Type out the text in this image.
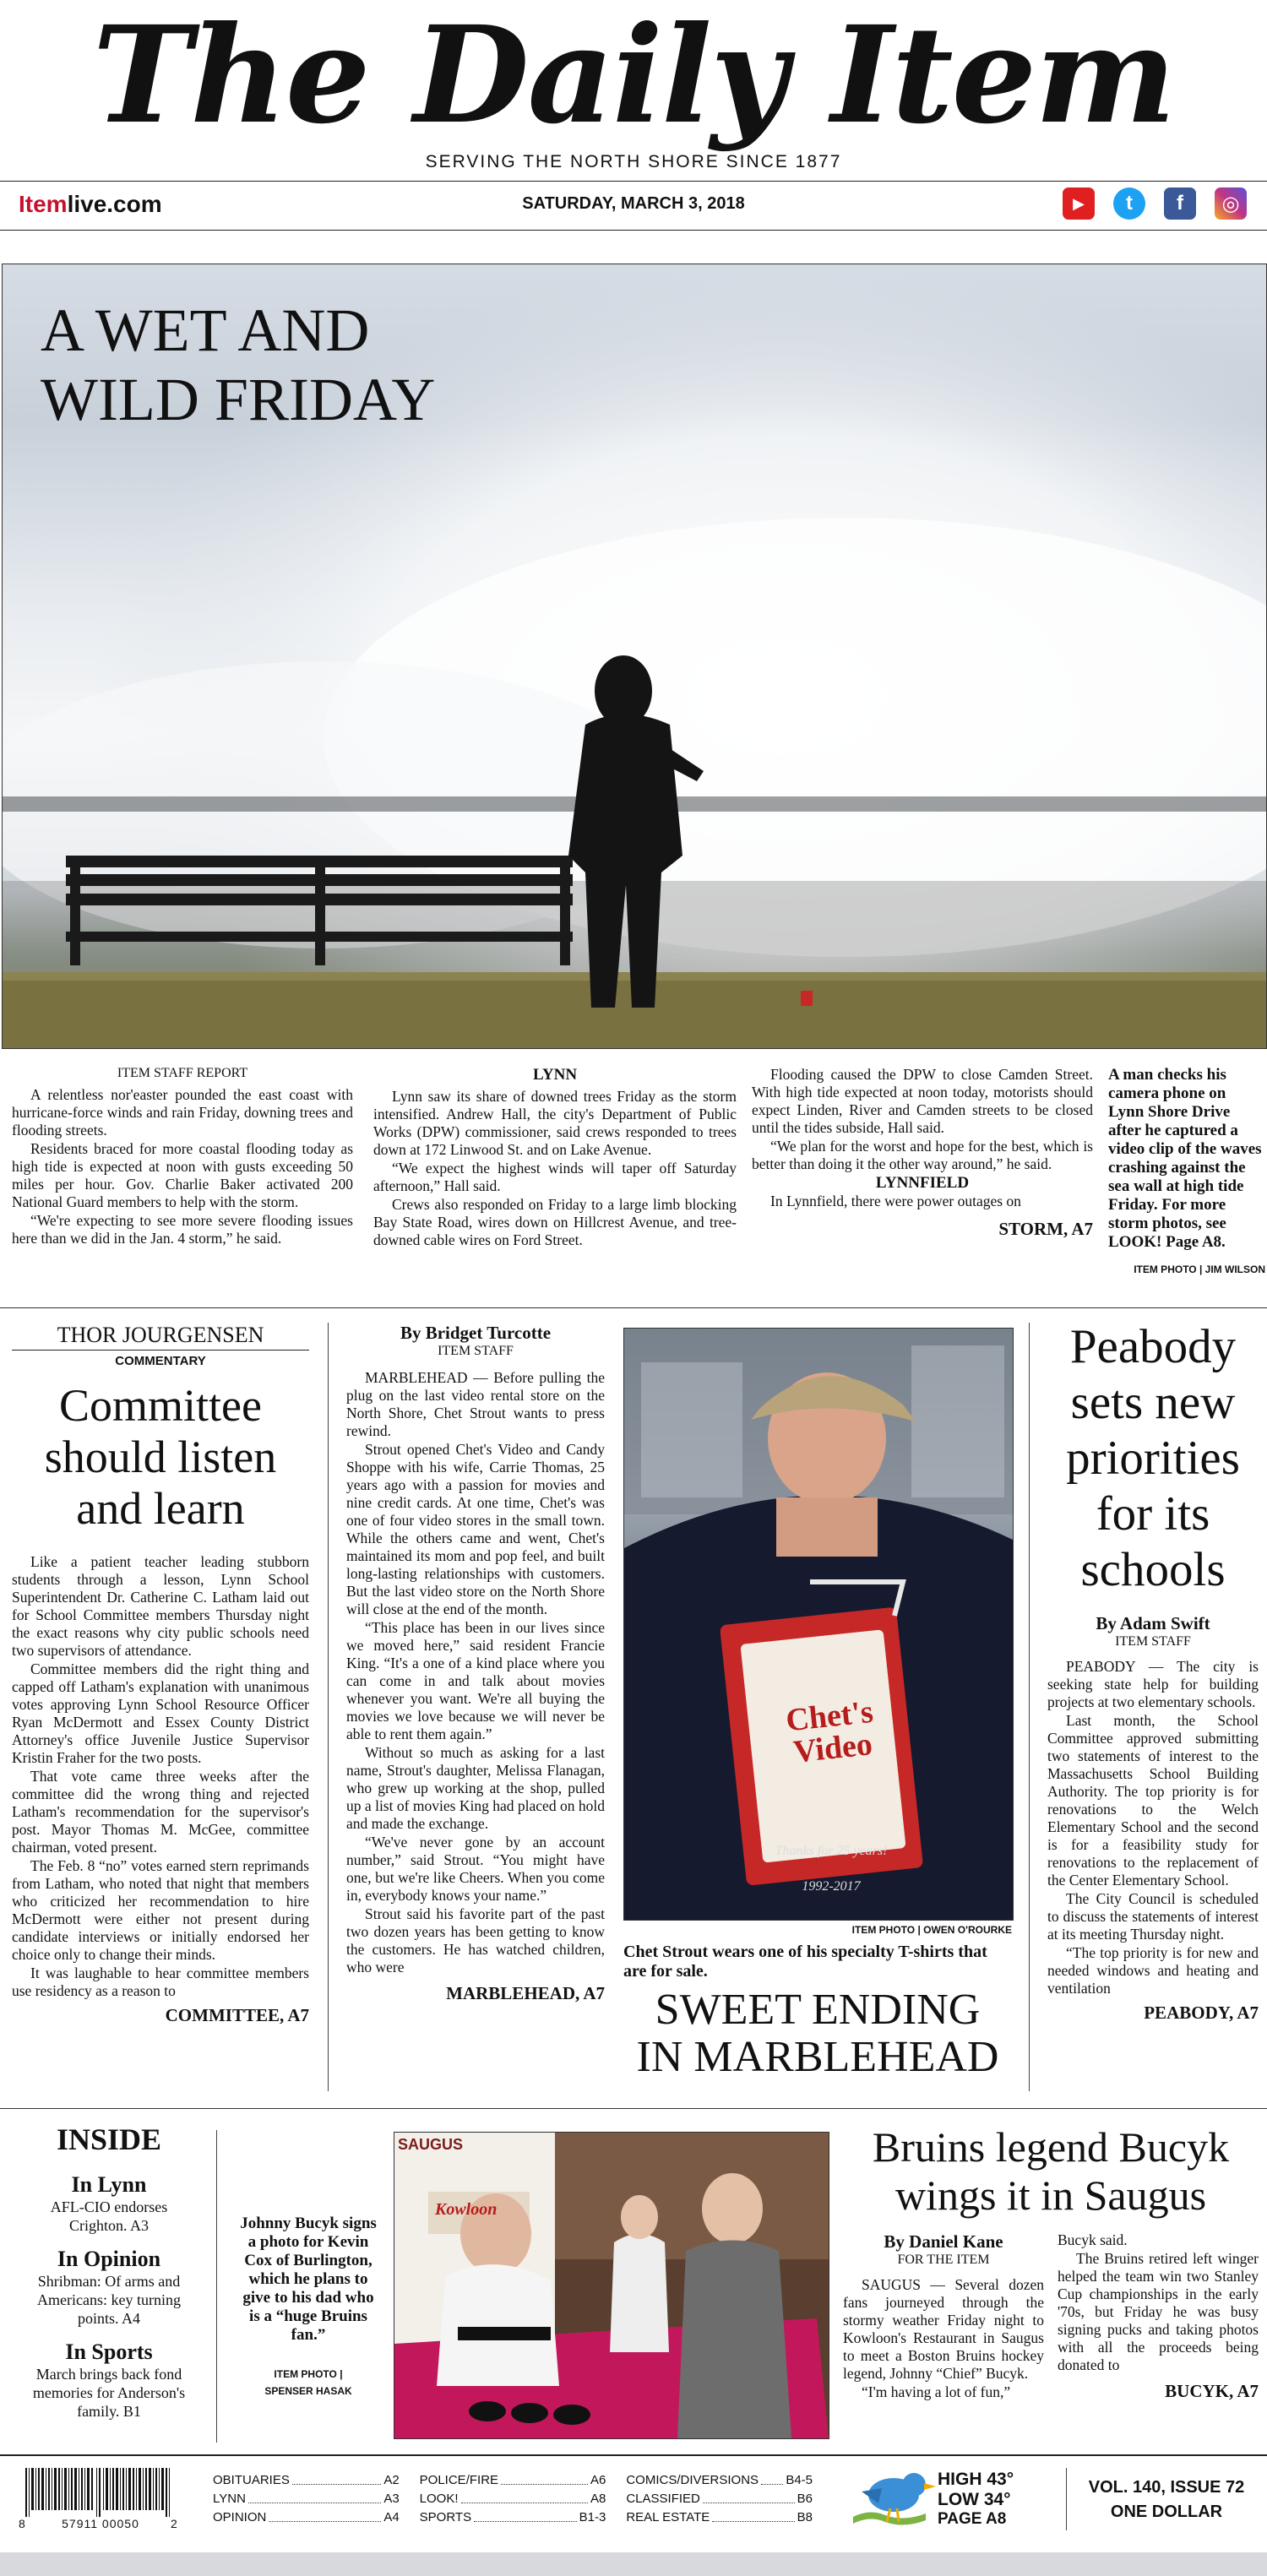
The Daily Item
SERVING THE NORTH SHORE SINCE 1877
Itemlive.com	SATURDAY, MARCH 3, 2018	▶	t	f	◎
A WET AND
WILD FRIDAY
ITEM STAFF REPORT

A relentless nor'easter pounded the east coast with hurricane-force winds and rain Friday, downing trees and flooding streets.

Residents braced for more coastal flooding today as high tide is expected at noon with gusts exceeding 50 miles per hour. Gov. Charlie Baker activated 200 National Guard members to help with the storm.

“We're expecting to see more severe flooding issues here than we did in the Jan. 4 storm,” he said.

LYNN

Lynn saw its share of downed trees Friday as the storm intensified. Andrew Hall, the city's Department of Public Works (DPW) commissioner, said crews responded to trees down at 172 Linwood St. and on Lake Avenue.

“We expect the highest winds will taper off Saturday afternoon,” Hall said.

Crews also responded on Friday to a large limb blocking Bay State Road, wires down on Hillcrest Avenue, and tree-downed cable wires on Ford Street.

Flooding caused the DPW to close Camden Street. With high tide expected at noon today, motorists should expect Linden, River and Camden streets to be closed until the tides subside, Hall said.

“We plan for the worst and hope for the best, which is better than doing it the other way around,” he said.

LYNNFIELD

In Lynnfield, there were power outages on

STORM, A7
A man checks his camera phone on Lynn Shore Drive after he captured a video clip of the waves crashing against the sea wall at high tide Friday. For more storm photos, see LOOK! Page A8.
ITEM PHOTO | JIM WILSON
THOR JOURGENSEN
COMMENTARY
Committee should listen and learn

Like a patient teacher leading stubborn students through a lesson, Lynn School Superintendent Dr. Catherine C. Latham laid out for School Committee members Thursday night the exact reasons why city public schools need two supervisors of attendance.

Committee members did the right thing and capped off Latham's explanation with unanimous votes approving Lynn School Resource Officer Ryan McDermott and Essex County District Attorney's office Juvenile Justice Supervisor Kristin Fraher for the two posts.

That vote came three weeks after the committee did the wrong thing and rejected Latham's recommendation for the supervisor's post. Mayor Thomas M. McGee, committee chairman, voted present.

The Feb. 8 “no” votes earned stern reprimands from Latham, who noted that night that members who criticized her recommendation to hire McDermott were either not present during candidate interviews or initially endorsed her choice only to change their minds.

It was laughable to hear committee members use residency as a reason to

COMMITTEE, A7
By Bridget Turcotte
ITEM STAFF

MARBLEHEAD — Before pulling the plug on the last video rental store on the North Shore, Chet Strout wants to press rewind.

Strout opened Chet's Video and Candy Shoppe with his wife, Carrie Thomas, 25 years ago with a passion for movies and nine credit cards. At one time, Chet's was one of four video stores in the small town. While the others came and went, Chet's maintained its mom and pop feel, and built long-lasting relationships with customers. But the last video store on the North Shore will close at the end of the month.

“This place has been in our lives since we moved here,” said resident Francie King. “It's a one of a kind place where you can come in and talk about movies whenever you want. We're all buying the movies we love because we will never be able to rent them again.”

Without so much as asking for a last name, Strout's daughter, Melissa Flanagan, who grew up working at the shop, pulled up a list of movies King had placed on hold and made the exchange.

“We've never gone by an account number,” said Strout. “You might have one, but we're like Cheers. When you come in, everybody knows your name.”

Strout said his favorite part of the past two dozen years has been getting to know the customers. He has watched children, who were

MARBLEHEAD, A7
Chet's
Video
Thanks for 25 years!
1992-2017
ITEM PHOTO | OWEN O'ROURKE
Chet Strout wears one of his specialty T-shirts that are for sale.
SWEET ENDING
IN MARBLEHEAD
Peabody sets new priorities for its schools
By Adam Swift
ITEM STAFF

PEABODY — The city is seeking state help for building projects at two elementary schools.

Last month, the School Committee approved submitting two statements of interest to the Massachusetts School Building Authority. The top priority is for renovations to the Welch Elementary School and the second is for a feasibility study for renovations to the replacement of the Center Elementary School.

The City Council is scheduled to discuss the statements of interest at its meeting Thursday night.

“The top priority is for new and needed windows and heating and ventilation

PEABODY, A7
INSIDE
In Lynn
AFL-CIO endorses Crighton. A3
In Opinion
Shribman: Of arms and Americans: key turning points. A4
In Sports
March brings back fond memories for Anderson's family. B1
Johnny Bucyk signs a photo for Kevin Cox of Burlington, which he plans to give to his dad who is a “huge Bruins fan.”
ITEM PHOTO |
SPENSER HASAK
SAUGUS
Kowloon
Bruins legend Bucyk wings it in Saugus
By Daniel Kane
FOR THE ITEM

SAUGUS — Several dozen fans journeyed through the stormy weather Friday night to Kowloon's Restaurant in Saugus to meet a Boston Bruins hockey legend, Johnny “Chief” Bucyk.

“I'm having a lot of fun,”

Bucyk said.

The Bruins retired left winger helped the team win two Stanley Cup championships in the early '70s, but Friday he was busy signing pucks and taking photos with all the proceeds being donated to

BUCYK, A7
8	57911 00050	2
OBITUARIES	A2
LYNN	A3
OPINION	A4
POLICE/FIRE	A6
LOOK!	A8
SPORTS	B1-3
COMICS/DIVERSIONS B4-5
CLASSIFIED	B6
REAL ESTATE	B8
HIGH 43°
LOW 34°
PAGE A8
VOL. 140, ISSUE 72
ONE DOLLAR
